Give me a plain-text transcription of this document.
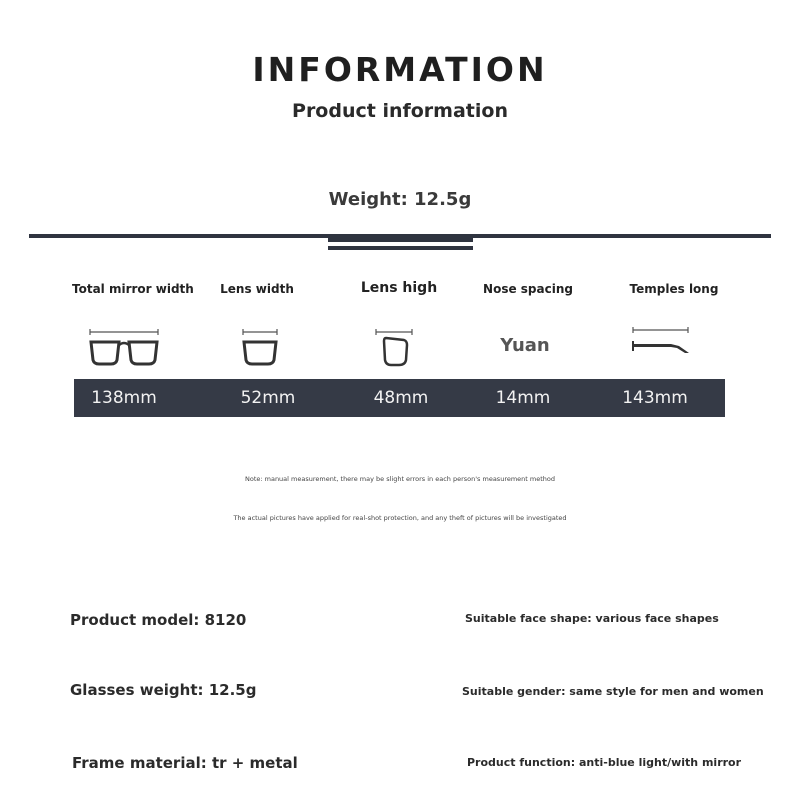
INFORMATION
Product information
Weight: 12.5g
Total mirror width	Lens width	Lens high	Nose spacing	Temples long
Yuan
138mm	52mm	48mm	14mm	143mm
Note: manual measurement, there may be slight errors in each person's measurement method
The actual pictures have applied for real-shot protection, and any theft of pictures will be investigated
Product model: 8120
Glasses weight: 12.5g
Frame material: tr + metal
Suitable face shape: various face shapes
Suitable gender: same style for men and women
Product function: anti-blue light/with mirror
